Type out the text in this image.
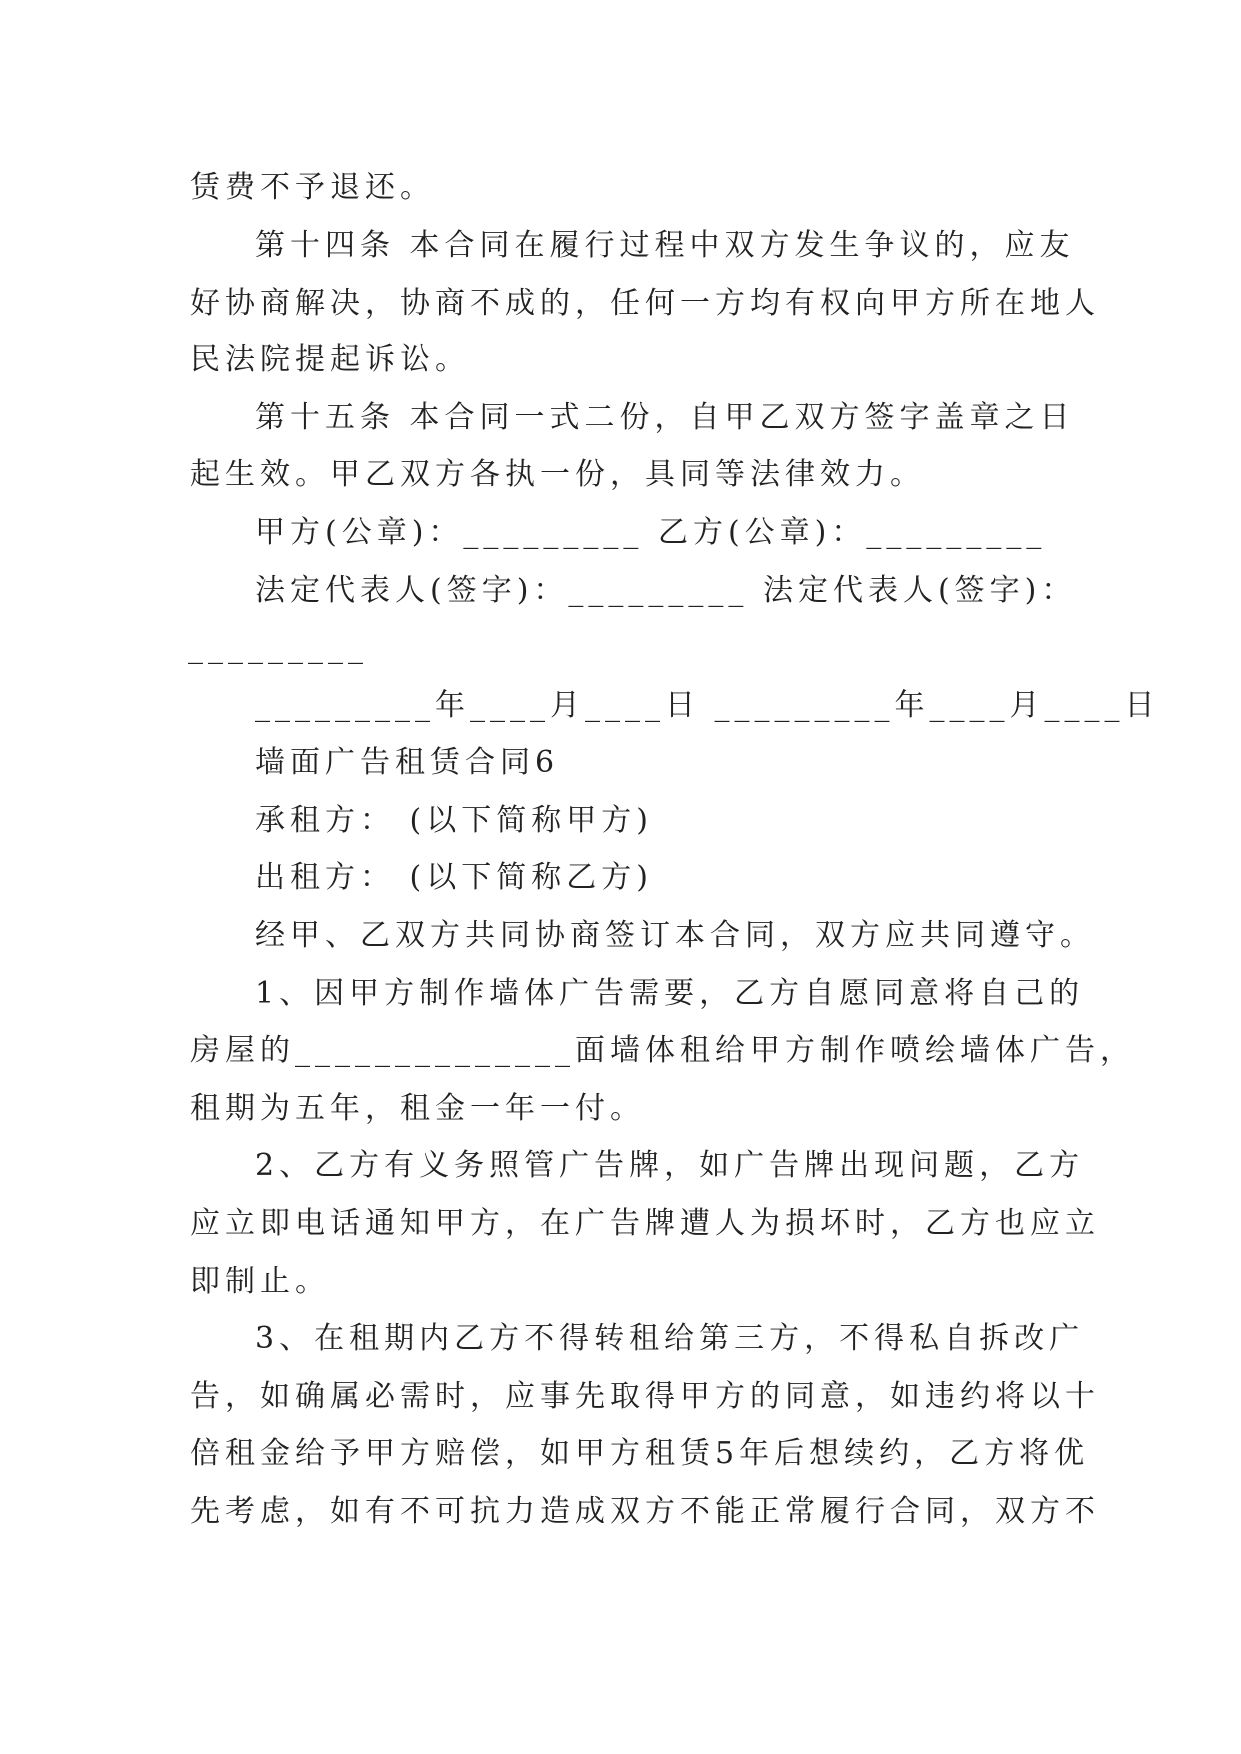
赁费不予退还。
第十四条 本合同在履行过程中双方发生争议的，应友
好协商解决，协商不成的，任何一方均有权向甲方所在地人
民法院提起诉讼。
第十五条 本合同一式二份，自甲乙双方签字盖章之日
起生效。甲乙双方各执一份，具同等法律效力。
甲方(公章)：_________ 乙方(公章)：_________
法定代表人(签字)：_________ 法定代表人(签字)：
_________
_________年____月____日 _________年____月____日
墙面广告租赁合同6
承租方： (以下简称甲方)
出租方： (以下简称乙方)
经甲、乙双方共同协商签订本合同，双方应共同遵守。
1、因甲方制作墙体广告需要，乙方自愿同意将自己的
房屋的______________面墙体租给甲方制作喷绘墙体广告，
租期为五年，租金一年一付。
2、乙方有义务照管广告牌，如广告牌出现问题，乙方
应立即电话通知甲方，在广告牌遭人为损坏时，乙方也应立
即制止。
3、在租期内乙方不得转租给第三方，不得私自拆改广
告，如确属必需时，应事先取得甲方的同意，如违约将以十
倍租金给予甲方赔偿，如甲方租赁5年后想续约，乙方将优
先考虑，如有不可抗力造成双方不能正常履行合同，双方不
